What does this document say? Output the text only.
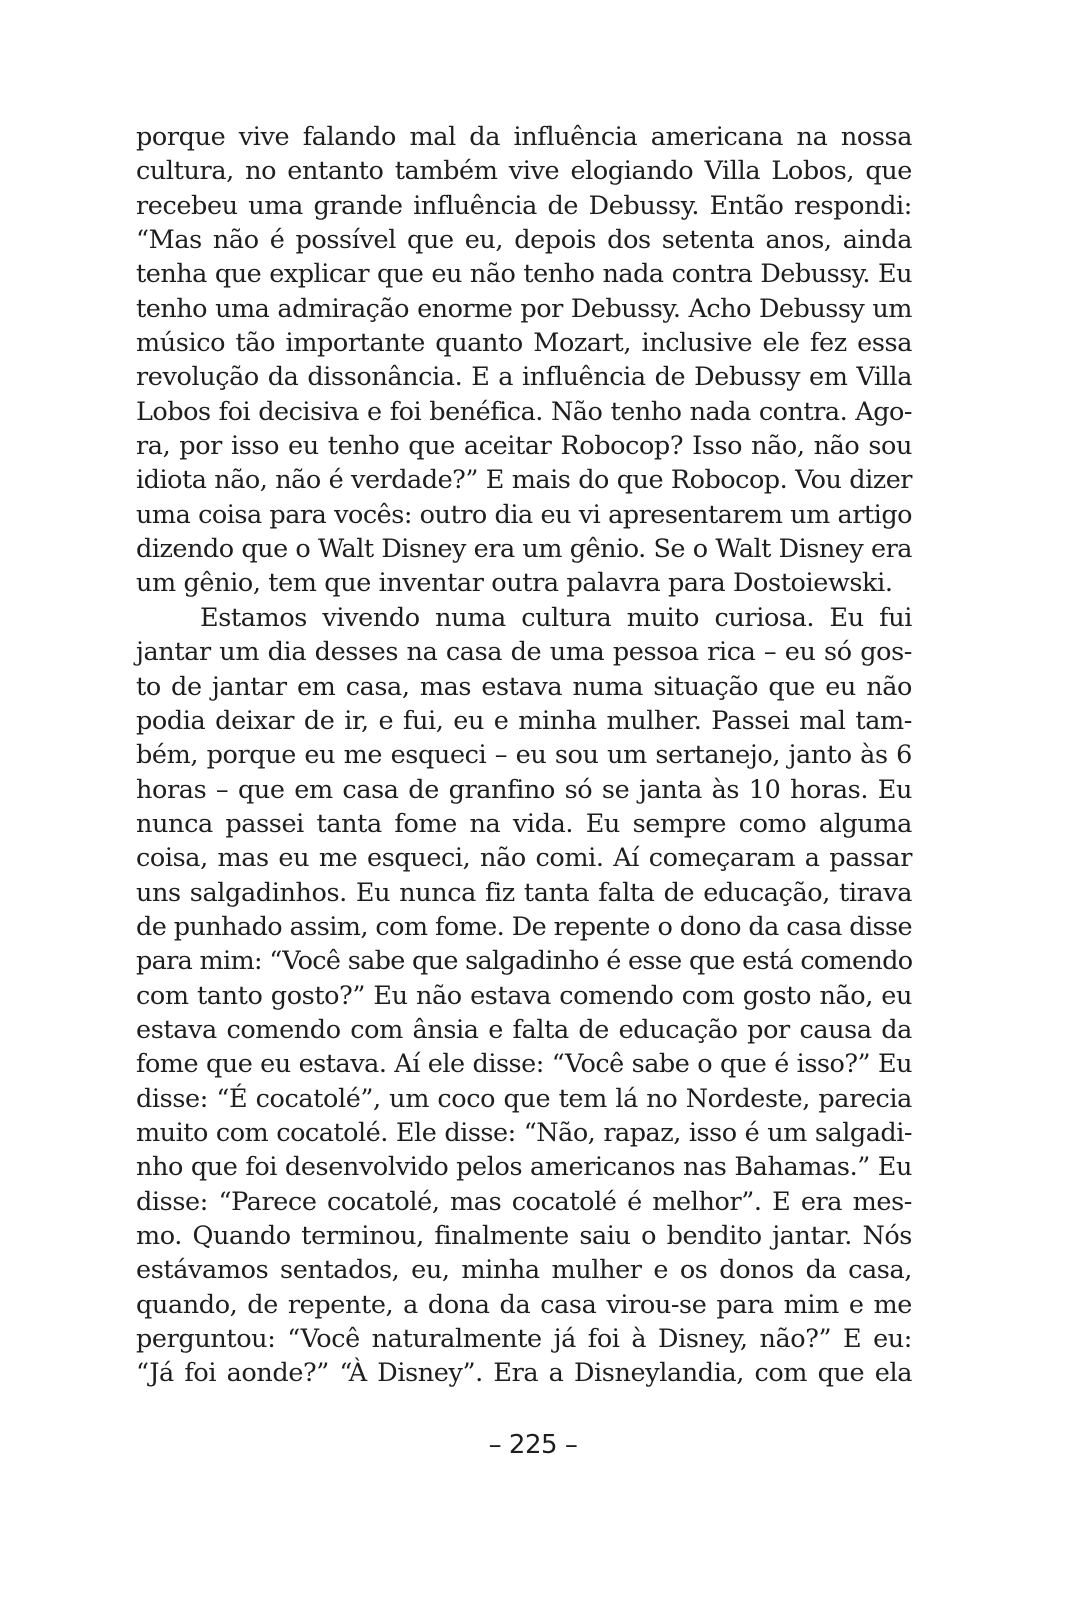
porque vive falando mal da influência americana na nossa
cultura, no entanto também vive elogiando Villa Lobos, que
recebeu uma grande influência de Debussy. Então respondi:
“Mas não é possível que eu, depois dos setenta anos, ainda
tenha que explicar que eu não tenho nada contra Debussy. Eu
tenho uma admiração enorme por Debussy. Acho Debussy um
músico tão importante quanto Mozart, inclusive ele fez essa
revolução da dissonância. E a influência de Debussy em Villa
Lobos foi decisiva e foi benéfica. Não tenho nada contra. Ago-
ra, por isso eu tenho que aceitar Robocop? Isso não, não sou
idiota não, não é verdade?” E mais do que Robocop. Vou dizer
uma coisa para vocês: outro dia eu vi apresentarem um artigo
dizendo que o Walt Disney era um gênio. Se o Walt Disney era
um gênio, tem que inventar outra palavra para Dostoiewski.
Estamos vivendo numa cultura muito curiosa. Eu fui
jantar um dia desses na casa de uma pessoa rica – eu só gos-
to de jantar em casa, mas estava numa situação que eu não
podia deixar de ir, e fui, eu e minha mulher. Passei mal tam-
bém, porque eu me esqueci – eu sou um sertanejo, janto às 6
horas – que em casa de granfino só se janta às 10 horas. Eu
nunca passei tanta fome na vida. Eu sempre como alguma
coisa, mas eu me esqueci, não comi. Aí começaram a passar
uns salgadinhos. Eu nunca fiz tanta falta de educação, tirava
de punhado assim, com fome. De repente o dono da casa disse
para mim: “Você sabe que salgadinho é esse que está comendo
com tanto gosto?” Eu não estava comendo com gosto não, eu
estava comendo com ânsia e falta de educação por causa da
fome que eu estava. Aí ele disse: “Você sabe o que é isso?” Eu
disse: “É cocatolé”, um coco que tem lá no Nordeste, parecia
muito com cocatolé. Ele disse: “Não, rapaz, isso é um salgadi-
nho que foi desenvolvido pelos americanos nas Bahamas.” Eu
disse: “Parece cocatolé, mas cocatolé é melhor”. E era mes-
mo. Quando terminou, finalmente saiu o bendito jantar. Nós
estávamos sentados, eu, minha mulher e os donos da casa,
quando, de repente, a dona da casa virou-se para mim e me
perguntou: “Você naturalmente já foi à Disney, não?” E eu:
“Já foi aonde?” “À Disney”. Era a Disneylandia, com que ela
– 225 –
